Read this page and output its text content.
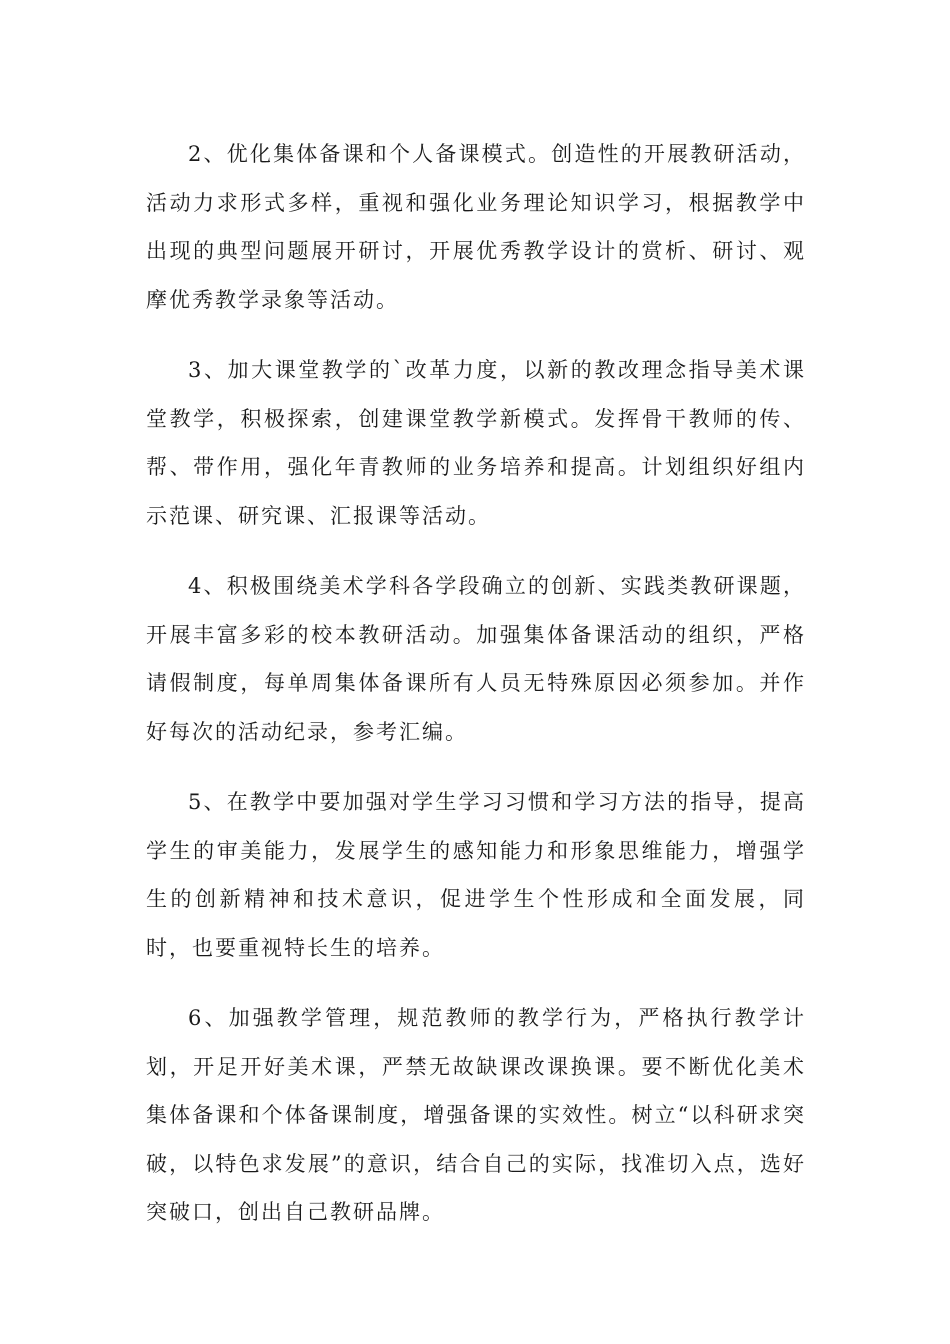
2、优化集体备课和个人备课模式。创造性的开展教研活动，活动力求形式多样，重视和强化业务理论知识学习，根据教学中出现的典型问题展开研讨，开展优秀教学设计的赏析、研讨、观摩优秀教学录象等活动。

3、加大课堂教学的`改革力度，以新的教改理念指导美术课堂教学，积极探索，创建课堂教学新模式。发挥骨干教师的传、帮、带作用，强化年青教师的业务培养和提高。计划组织好组内示范课、研究课、汇报课等活动。

4、积极围绕美术学科各学段确立的创新、实践类教研课题，开展丰富多彩的校本教研活动。加强集体备课活动的组织，严格请假制度，每单周集体备课所有人员无特殊原因必须参加。并作好每次的活动纪录，参考汇编。

5、在教学中要加强对学生学习习惯和学习方法的指导，提高学生的审美能力，发展学生的感知能力和形象思维能力，增强学生的创新精神和技术意识，促进学生个性形成和全面发展，同时，也要重视特长生的培养。

6、加强教学管理，规范教师的教学行为，严格执行教学计划，开足开好美术课，严禁无故缺课改课换课。要不断优化美术集体备课和个体备课制度，增强备课的实效性。树立“以科研求突破，以特色求发展”的意识，结合自己的实际，找准切入点，选好突破口，创出自己教研品牌。
